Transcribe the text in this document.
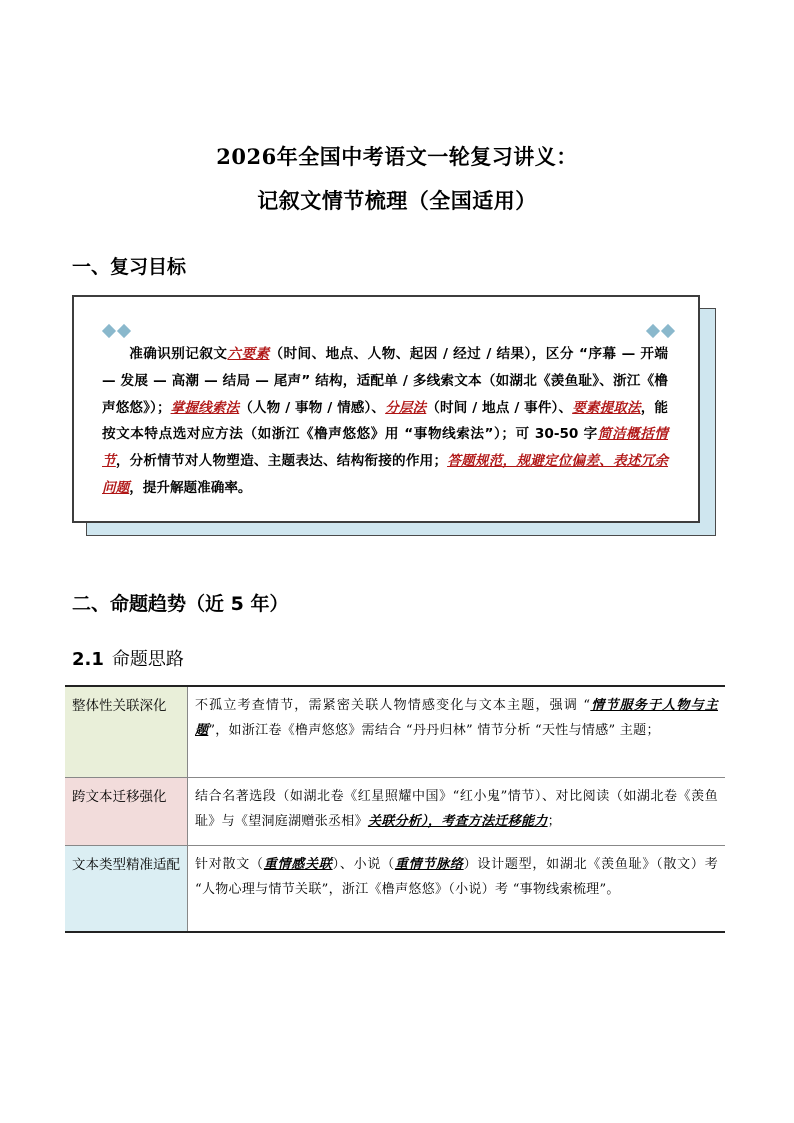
2026年全国中考语文一轮复习讲义：
记叙文情节梳理（全国适用）
一、复习目标

准确识别记叙文六要素（时间、地点、人物、起因 / 经过 / 结果），区分 “序幕 — 开端 — 发展 — 高潮 — 结局 — 尾声” 结构，适配单 / 多线索文本（如湖北《羡鱼耻》、浙江《橹声悠悠》）；掌握线索法（人物 / 事物 / 情感）、分层法（时间 / 地点 / 事件）、要素提取法，能按文本特点选对应方法（如浙江《橹声悠悠》用 “事物线索法”）；可 30-50 字简洁概括情节，分析情节对人物塑造、主题表达、结构衔接的作用；答题规范，规避定位偏差、表述冗余问题，提升解题准确率。

二、命题趋势（近 5 年）
2.1 命题思路
整体性关联深化	不孤立考查情节，需紧密关联人物情感变化与文本主题，强调 “情节服务于人物与主题”，如浙江卷《橹声悠悠》需结合 “丹丹归林” 情节分析 “天性与情感” 主题；
跨文本迁移强化	结合名著选段（如湖北卷《红星照耀中国》“红小鬼”情节）、对比阅读（如湖北卷《羡鱼耻》与《望洞庭湖赠张丞相》关联分析），考查方法迁移能力；
文本类型精准适配	针对散文（重情感关联）、小说（重情节脉络）设计题型，如湖北《羡鱼耻》（散文）考 “人物心理与情节关联”，浙江《橹声悠悠》（小说）考 “事物线索梳理”。
